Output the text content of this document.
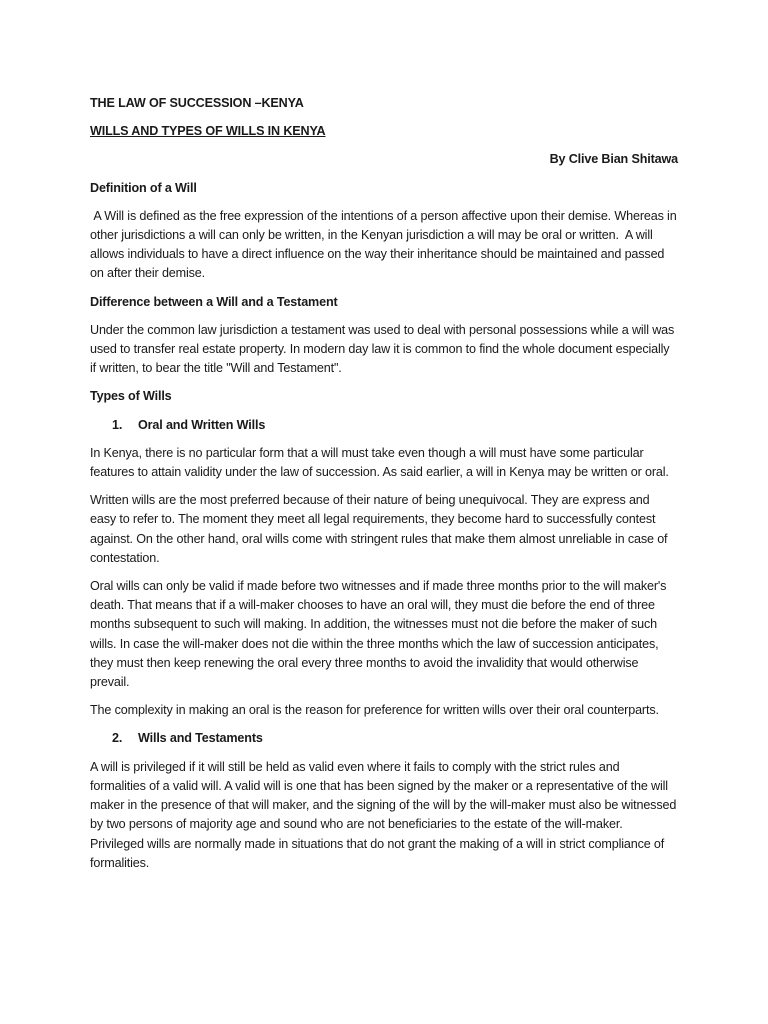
THE LAW OF SUCCESSION –KENYA

WILLS AND TYPES OF WILLS IN KENYA

By Clive Bian Shitawa

Definition of a Will

A Will is defined as the free expression of the intentions of a person affective upon their demise. Whereas in other jurisdictions a will can only be written, in the Kenyan jurisdiction a will may be oral or written.  A will allows individuals to have a direct influence on the way their inheritance should be maintained and passed on after their demise.

Difference between a Will and a Testament

Under the common law jurisdiction a testament was used to deal with personal possessions while a will was used to transfer real estate property. In modern day law it is common to find the whole document especially if written, to bear the title "Will and Testament".

Types of Wills

1.	Oral and Written Wills

In Kenya, there is no particular form that a will must take even though a will must have some particular features to attain validity under the law of succession. As said earlier, a will in Kenya may be written or oral.

Written wills are the most preferred because of their nature of being unequivocal. They are express and easy to refer to. The moment they meet all legal requirements, they become hard to successfully contest against. On the other hand, oral wills come with stringent rules that make them almost unreliable in case of contestation.

Oral wills can only be valid if made before two witnesses and if made three months prior to the will maker's death. That means that if a will-maker chooses to have an oral will, they must die before the end of three months subsequent to such will making. In addition, the witnesses must not die before the maker of such wills. In case the will-maker does not die within the three months which the law of succession anticipates, they must then keep renewing the oral every three months to avoid the invalidity that would otherwise prevail.

The complexity in making an oral is the reason for preference for written wills over their oral counterparts.

2.	Wills and Testaments

A will is privileged if it will still be held as valid even where it fails to comply with the strict rules and formalities of a valid will. A valid will is one that has been signed by the maker or a representative of the will maker in the presence of that will maker, and the signing of the will by the will-maker must also be witnessed by two persons of majority age and sound who are not beneficiaries to the estate of the will-maker. Privileged wills are normally made in situations that do not grant the making of a will in strict compliance of formalities.
